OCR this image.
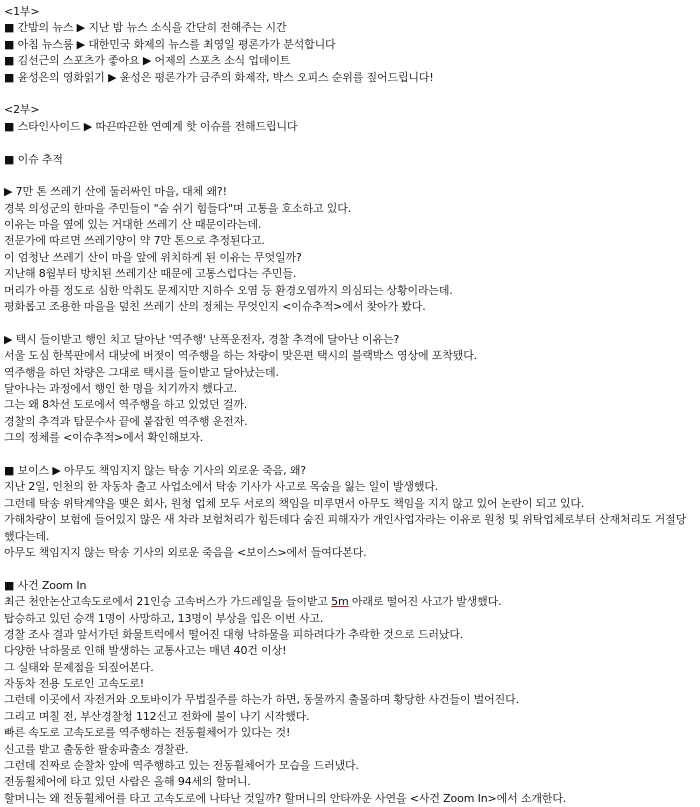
<1부>
■ 간밤의 뉴스 ▶ 지난 밤 뉴스 소식을 간단히 전해주는 시간
■ 아침 뉴스룸 ▶ 대한민국 화제의 뉴스를 최영일 평론가가 분석합니다
■ 김선근의 스포츠가 좋아요 ▶ 어제의 스포츠 소식 업데이트
■ 윤성은의 영화읽기 ▶ 윤성은 평론가가 금주의 화제작, 박스 오피스 순위를 짚어드립니다!
<2부>
■ 스타인사이드 ▶ 따끈따끈한 연예계 핫 이슈를 전해드립니다
■ 이슈 추적
▶ 7만 톤 쓰레기 산에 둘러싸인 마을, 대체 왜?!
경북 의성군의 한마을 주민들이 "숨 쉬기 힘들다"며 고통을 호소하고 있다.
이유는 마을 옆에 있는 거대한 쓰레기 산 때문이라는데.
전문가에 따르면 쓰레기양이 약 7만 톤으로 추정된다고.
이 엄청난 쓰레기 산이 마을 앞에 위치하게 된 이유는 무엇일까?
지난해 8월부터 방치된 쓰레기산 때문에 고통스럽다는 주민들.
머리가 아플 정도로 심한 악취도 문제지만 지하수 오염 등 환경오염까지 의심되는 상황이라는데.
평화롭고 조용한 마을을 덮친 쓰레기 산의 정체는 무엇인지 <이슈추적>에서 찾아가 봤다.
▶ 택시 들이받고 행인 치고 달아난 '역주행' 난폭운전자, 경찰 추격에 달아난 이유는?
서울 도심 한복판에서 대낮에 버젓이 역주행을 하는 차량이 맞은편 택시의 블랙박스 영상에 포착됐다.
역주행을 하던 차량은 그대로 택시를 들이받고 달아났는데.
달아나는 과정에서 행인 한 명을 치기까지 했다고.
그는 왜 8차선 도로에서 역주행을 하고 있었던 걸까.
경찰의 추격과 탐문수사 끝에 붙잡힌 역주행 운전자.
그의 정체를 <이슈추적>에서 확인해보자.
■ 보이스 ▶ 아무도 책임지지 않는 탁송 기사의 외로운 죽음, 왜?
지난 2일, 인천의 한 자동차 출고 사업소에서 탁송 기사가 사고로 목숨을 잃는 일이 발생했다.
그런데 탁송 위탁계약을 맺은 회사, 원청 업체 모두 서로의 책임을 미루면서 아무도 책임을 지지 않고 있어 논란이 되고 있다.
가해차량이 보험에 들어있지 않은 새 차라 보험처리가 힘든데다 숨진 피해자가 개인사업자라는 이유로 원청 및 위탁업체로부터 산재처리도 거절당했다는데.
아무도 책임지지 않는 탁송 기사의 외로운 죽음을 <보이스>에서 들여다본다.
■ 사건 Zoom In
최근 천안논산고속도로에서 21인승 고속버스가 가드레일을 들이받고 5m 아래로 떨어진 사고가 발생했다.
탑승하고 있던 승객 1명이 사망하고, 13명이 부상을 입은 이번 사고.
경찰 조사 결과 앞서가던 화물트럭에서 떨어진 대형 낙하물을 피하려다가 추락한 것으로 드러났다.
다양한 낙하물로 인해 발생하는 교통사고는 매년 40건 이상!
그 실태와 문제점을 되짚어본다.
자동차 전용 도로인 고속도로!
그런데 이곳에서 자전거와 오토바이가 무법질주를 하는가 하면, 동물까지 출몰하며 황당한 사건들이 벌어진다.
그리고 며칠 전, 부산경찰청 112신고 전화에 불이 나기 시작했다.
빠른 속도로 고속도로를 역주행하는 전동휠체어가 있다는 것!
신고를 받고 출동한 팔송파출소 경찰관.
그런데 진짜로 순찰차 앞에 역주행하고 있는 전동휠체어가 모습을 드러냈다.
전동휠체어에 타고 있던 사람은 올해 94세의 할머니.
할머니는 왜 전동휠체어를 타고 고속도로에 나타난 것일까? 할머니의 안타까운 사연을 <사건 Zoom In>에서 소개한다.
